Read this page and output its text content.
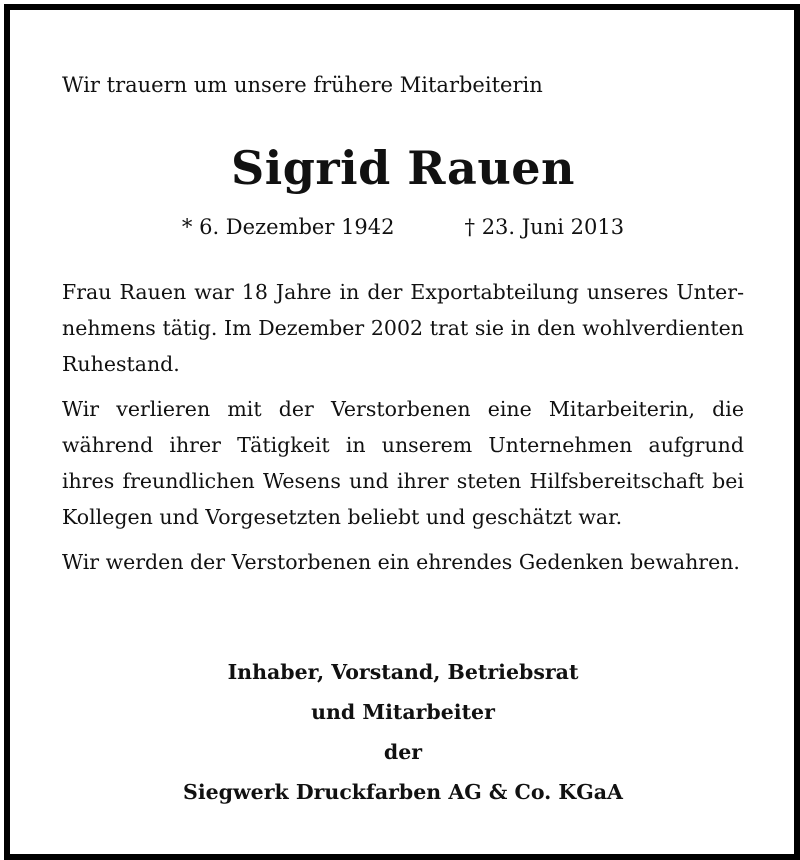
Wir trauern um unsere frühere Mitarbeiterin
Sigrid Rauen
* 6. Dezember 1942	† 23. Juni 2013

Frau Rauen war 18 Jahre in der Exportabteilung unseres Unternehmens tätig. Im Dezember 2002 trat sie in den wohlverdienten Ruhestand.

Wir verlieren mit der Verstorbenen eine Mitarbeiterin, die während ihrer Tätigkeit in unserem Unternehmen aufgrund ihres freundlichen Wesens und ihrer steten Hilfsbereitschaft bei Kollegen und Vorgesetzten beliebt und geschätzt war.

Wir werden der Verstorbenen ein ehrendes Gedenken bewahren.

Inhaber, Vorstand, Betriebsrat
und Mitarbeiter
der
Siegwerk Druckfarben AG & Co. KGaA
